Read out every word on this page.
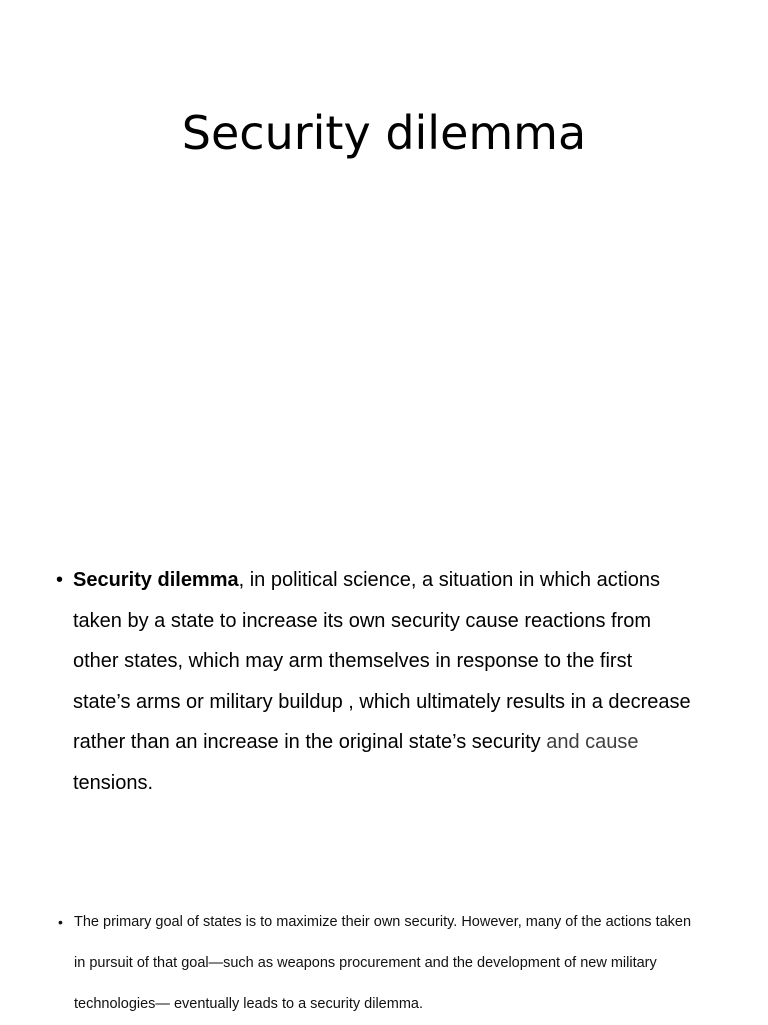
Security dilemma
• Security dilemma, in political science, a situation in which actions
taken by a state to increase its own security cause reactions from
other states, which may arm themselves in response to the first
state’s arms or military buildup , which ultimately results in a decrease
rather than an increase in the original state’s security and cause
tensions.
• The primary goal of states is to maximize their own security. However, many of the actions taken
in pursuit of that goal—such as weapons procurement and the development of new military
technologies— eventually leads to a security dilemma.
